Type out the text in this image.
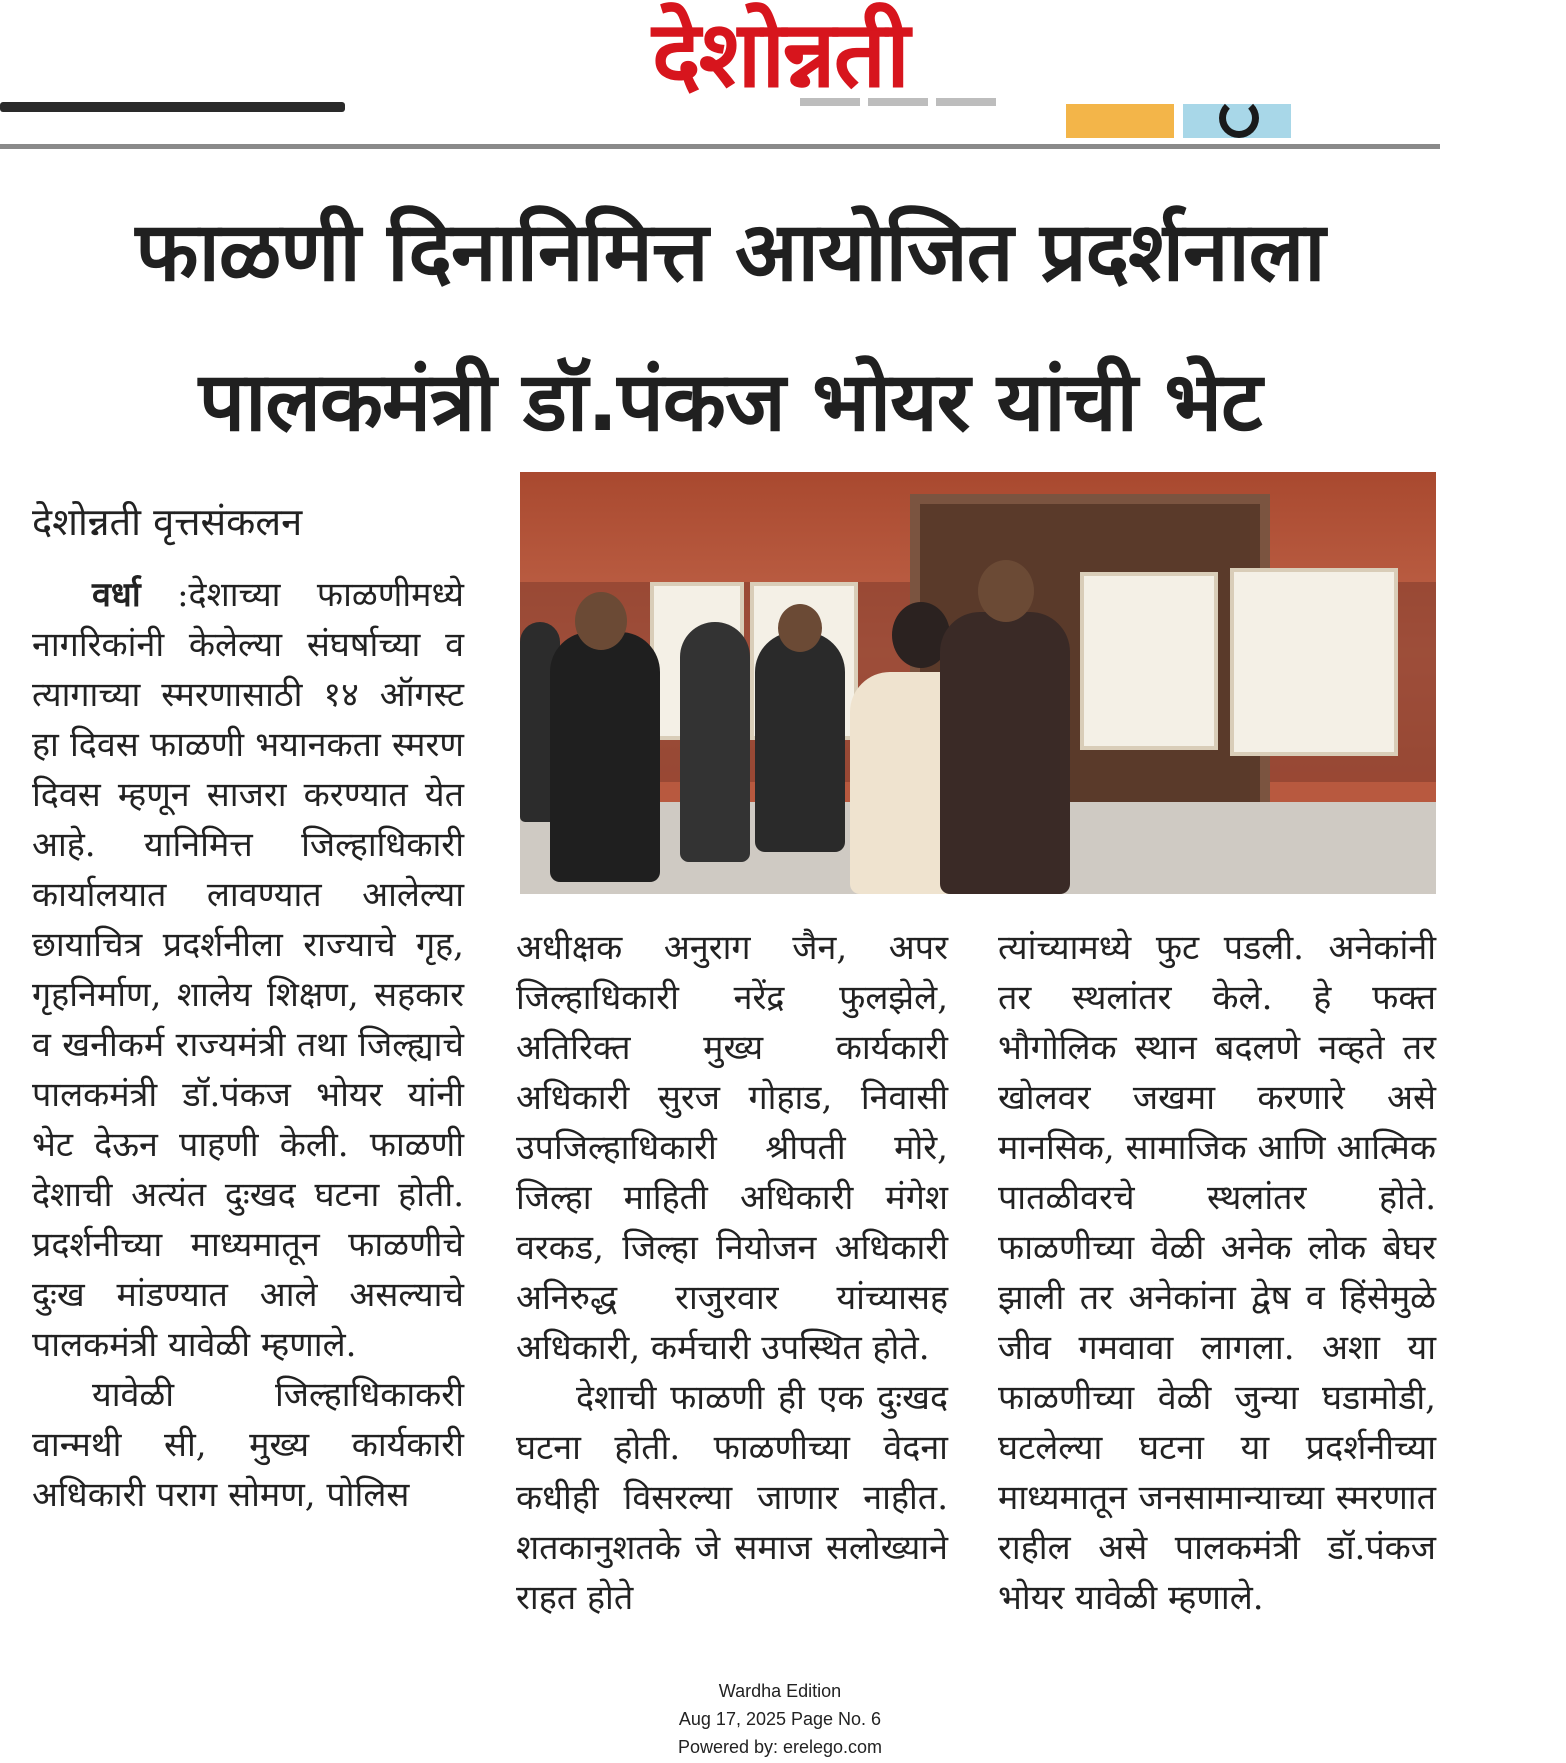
देशोन्नती
फाळणी दिनानिमित्त आयोजित प्रदर्शनाला
पालकमंत्री डॉ.पंकज भोयर यांची भेट
देशोन्नती वृत्तसंकलन

वर्धा :देशाच्या फाळणीमध्ये नागरिकांनी केलेल्या संघर्षाच्या व त्यागाच्या स्मरणासाठी १४ ऑगस्ट हा दिवस फाळणी भयानकता स्मरण दिवस म्हणून साजरा करण्यात येत आहे. यानिमित्त जिल्हाधिकारी कार्यालयात लावण्यात आलेल्या छायाचित्र प्रदर्शनीला राज्याचे गृह, गृहनिर्माण, शालेय शिक्षण, सहकार व खनीकर्म राज्यमंत्री तथा जिल्ह्याचे पालकमंत्री डॉ.पंकज भोयर यांनी भेट देऊन पाहणी केली. फाळणी देशाची अत्यंत दुःखद घटना होती. प्रदर्शनीच्या माध्यमातून फाळणीचे दुःख मांडण्यात आले असल्याचे पालकमंत्री यावेळी म्हणाले.

यावेळी जिल्हाधिकाकरी वान्मथी सी, मुख्य कार्यकारी अधिकारी पराग सोमण, पोलिस

अधीक्षक अनुराग जैन, अपर जिल्हाधिकारी नरेंद्र फुलझेले, अतिरिक्त मुख्य कार्यकारी अधिकारी सुरज गोहाड, निवासी उपजिल्हाधिकारी श्रीपती मोरे, जिल्हा माहिती अधिकारी मंगेश वरकड, जिल्हा नियोजन अधिकारी अनिरुद्ध राजुरवार यांच्यासह अधिकारी, कर्मचारी उपस्थित होते.

देशाची फाळणी ही एक दुःखद घटना होती. फाळणीच्या वेदना कधीही विसरल्या जाणार नाहीत. शतकानुशतके जे समाज सलोख्याने राहत होते

त्यांच्यामध्ये फुट पडली. अनेकांनी तर स्थलांतर केले. हे फक्त भौगोलिक स्थान बदलणे नव्हते तर खोलवर जखमा करणारे असे मानसिक, सामाजिक आणि आत्मिक पातळीवरचे स्थलांतर होते. फाळणीच्या वेळी अनेक लोक बेघर झाली तर अनेकांना द्वेष व हिंसेमुळे जीव गमवावा लागला. अशा या फाळणीच्या वेळी जुन्या घडामोडी, घटलेल्या घटना या प्रदर्शनीच्या माध्यमातून जनसामान्याच्या स्मरणात राहील असे पालकमंत्री डॉ.पंकज भोयर यावेळी म्हणाले.

Wardha Edition
Aug 17, 2025 Page No. 6
Powered by: erelego.com
